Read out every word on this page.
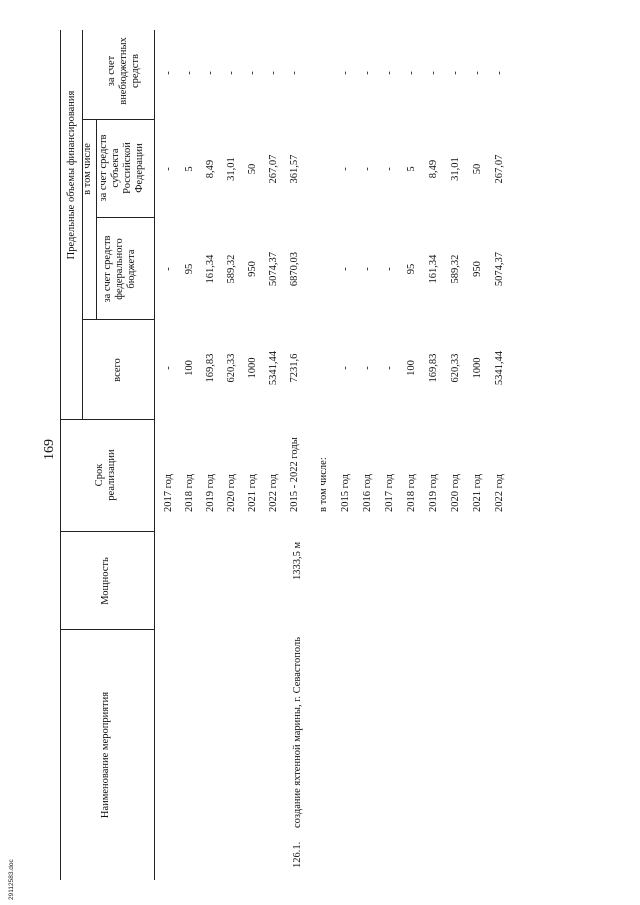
169
Наименование мероприятия
Мощность
Срок реализации
всего
Предельные объемы финансирования в том числе
за счет средств федерального бюджета
за счет средств субъекта Российской Федерации
за счет внебюджетных средств
126.1.
создание яхтенной марины, г. Севастополь
1333,5 м
2017 год
-
-
-
-
2018 год
100
95
5
-
2019 год
169,83
161,34
8,49
-
2020 год
620,33
589,32
31,01
-
2021 год
1000
950
50
-
2022 год
5341,44
5074,37
267,07
-
2015 - 2022 годы
7231,6
6870,03
361,57
-
в том числе: 2015 год
-
-
-
-
2016 год
-
-
-
-
2017 год
-
-
-
-
2018 год
100
95
5
-
2019 год
169,83
161,34
8,49
-
2020 год
620,33
589,32
31,01
-
2021 год
1000
950
50
-
2022 год
5341,44
5074,37
267,07
-
29112583.doc
